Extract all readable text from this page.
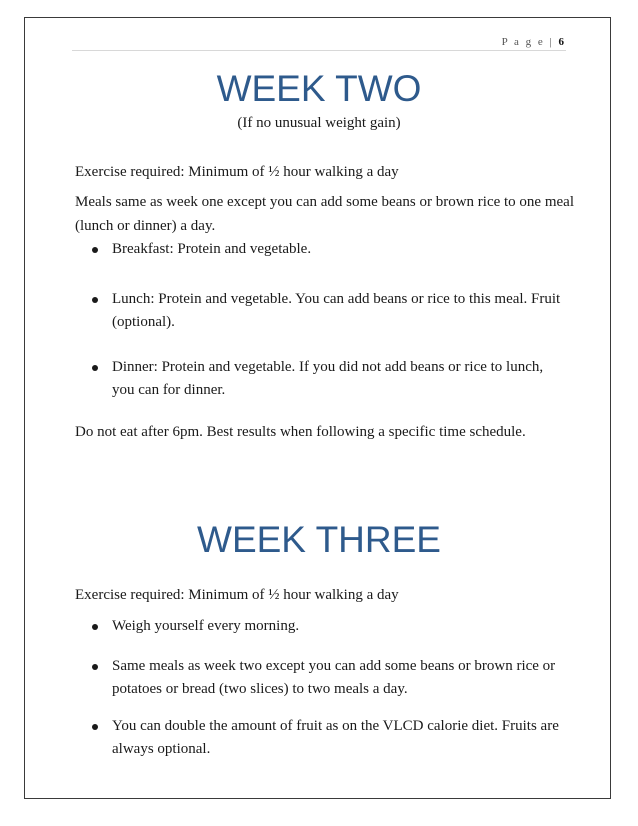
P a g e | 6
WEEK TWO
(If no unusual weight gain)
Exercise required: Minimum of ½ hour walking a day
Meals same as week one except you can add some beans or brown rice to one meal (lunch or dinner) a day.
Breakfast: Protein and vegetable.
Lunch: Protein and vegetable. You can add beans or rice to this meal. Fruit (optional).
Dinner: Protein and vegetable. If you did not add beans or rice to lunch, you can for dinner.
Do not eat after 6pm. Best results when following a specific time schedule.
WEEK THREE
Exercise required: Minimum of ½ hour walking a day
Weigh yourself every morning.
Same meals as week two except you can add some beans or brown rice or potatoes or bread (two slices) to two meals a day.
You can double the amount of fruit as on the VLCD calorie diet. Fruits are always optional.
